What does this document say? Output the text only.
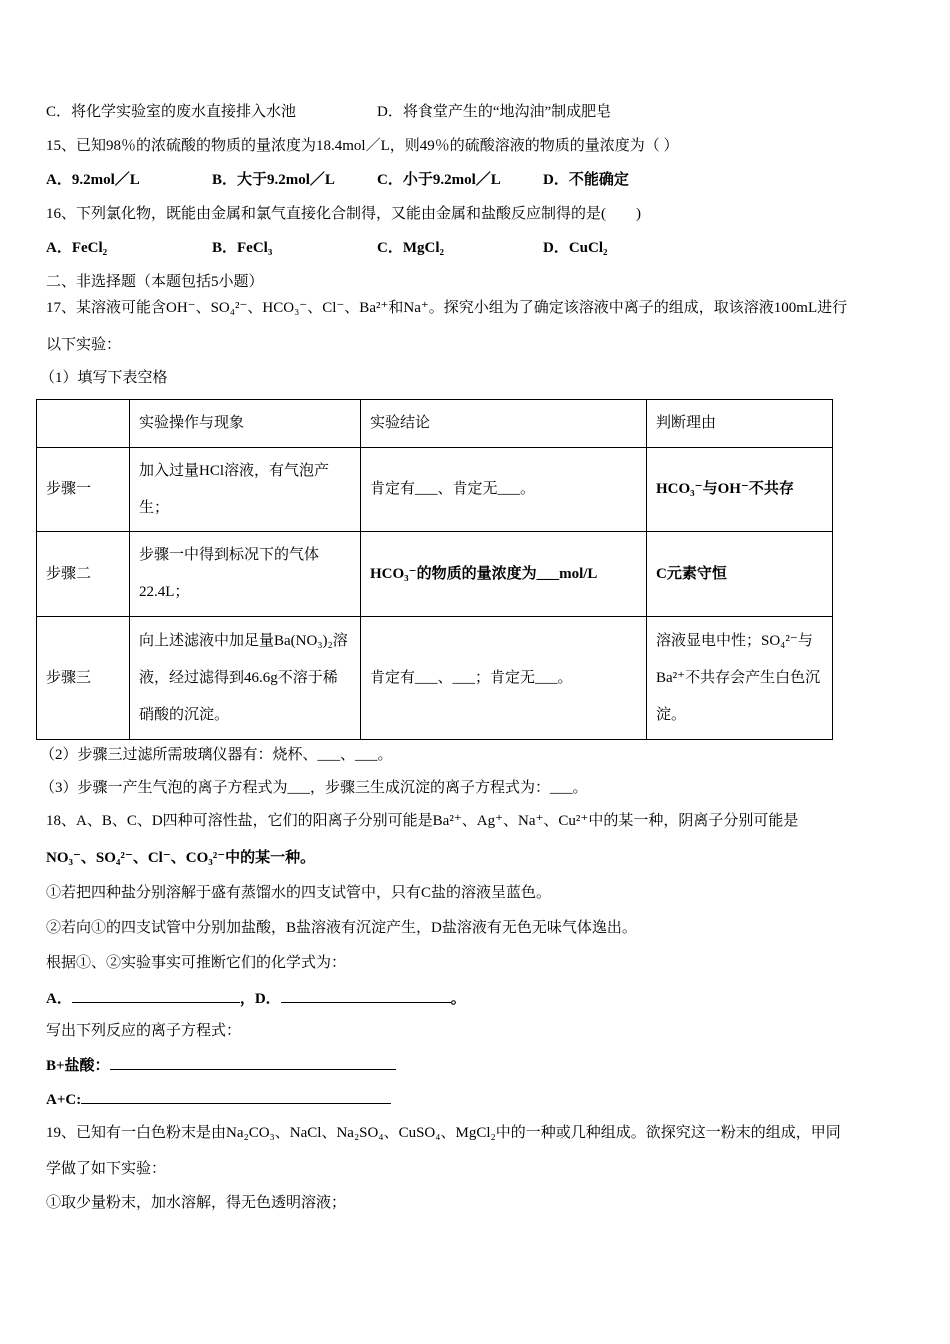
C．将化学实验室的废水直接排入水池	D．将食堂产生的“地沟油”制成肥皂
15、已知98％的浓硫酸的物质的量浓度为18.4mol／L，则49％的硫酸溶液的物质的量浓度为（ ）
A．9.2mol／L	B．大于9.2mol／L	C．小于9.2mol／L	D．不能确定
16、下列氯化物，既能由金属和氯气直接化合制得，又能由金属和盐酸反应制得的是(　　)
A．FeCl₂	B．FeCl₃	C．MgCl₂	D．CuCl₂
二、非选择题（本题包括5小题）
17、某溶液可能含OH⁻、SO₄²⁻、HCO₃⁻、Cl⁻、Ba²⁺和Na⁺。探究小组为了确定该溶液中离子的组成，取该溶液100mL进行
以下实验：
（1）填写下表空格
	实验操作与现象	实验结论	判断理由
步骤一	加入过量HCl溶液，有气泡产生；	肯定有___、肯定无___。	HCO₃⁻与OH⁻不共存
步骤二	步骤一中得到标况下的气体22.4L；	HCO₃⁻的物质的量浓度为___mol/L	C元素守恒
步骤三	向上述滤液中加足量Ba(NO₃)₂溶液，经过滤得到46.6g不溶于稀硝酸的沉淀。	肯定有___、___；肯定无___。	溶液显电中性；SO₄²⁻与Ba²⁺不共存会产生白色沉淀。
（2）步骤三过滤所需玻璃仪器有：烧杯、___、___。
（3）步骤一产生气泡的离子方程式为___，步骤三生成沉淀的离子方程式为：___。
18、A、B、C、D四种可溶性盐，它们的阳离子分别可能是Ba²⁺、Ag⁺、Na⁺、Cu²⁺中的某一种，阴离子分别可能是
NO₃⁻、SO₄²⁻、Cl⁻、CO₃²⁻中的某一种。
①若把四种盐分别溶解于盛有蒸馏水的四支试管中，只有C盐的溶液呈蓝色。
②若向①的四支试管中分别加盐酸，B盐溶液有沉淀产生，D盐溶液有无色无味气体逸出。
根据①、②实验事实可推断它们的化学式为：
A．	，D．	。
写出下列反应的离子方程式：
B+盐酸：
A+C:
19、已知有一白色粉末是由Na₂CO₃、NaCl、Na₂SO₄、CuSO₄、MgCl₂中的一种或几种组成。欲探究这一粉末的组成，甲同
学做了如下实验：
①取少量粉末，加水溶解，得无色透明溶液；
